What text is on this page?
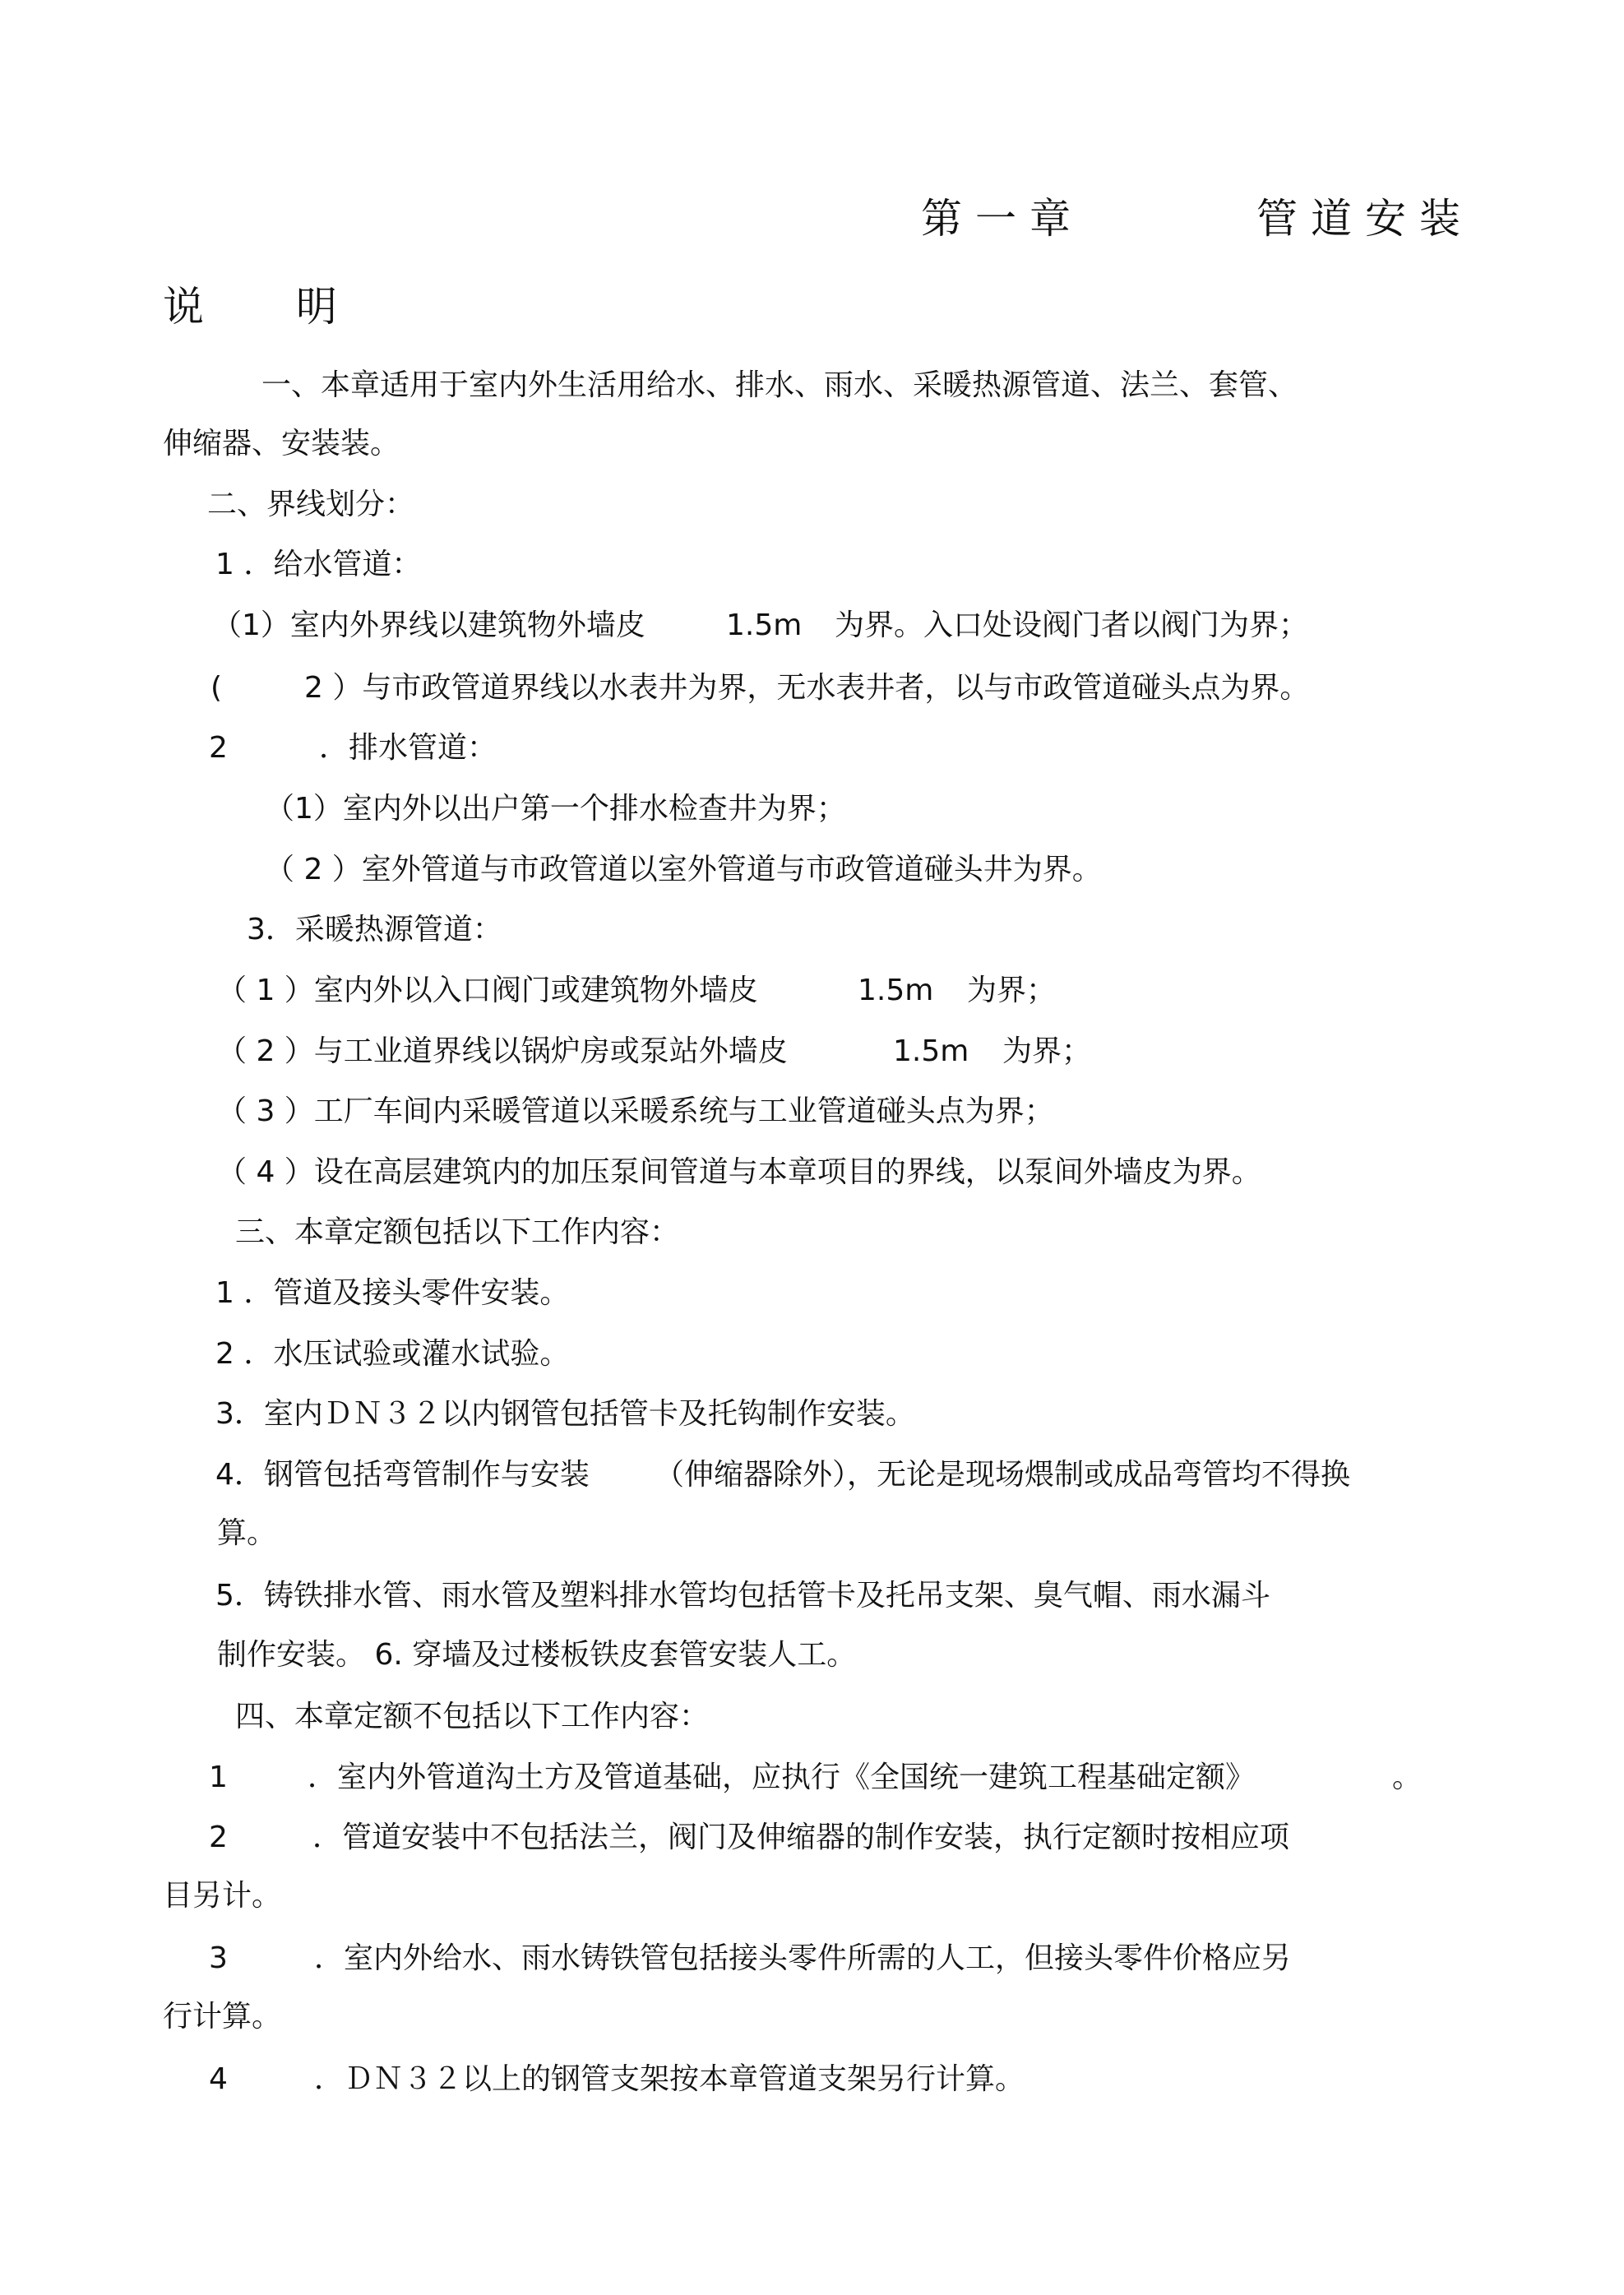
第一章	管道安装
说 明
一、本章适用于室内外生活用给水、排水、雨水、采暖热源管道、法兰、套管、
伸缩器、安装装。
二、界线划分：
1 ．给水管道：
（1）室内外界线以建筑物外墙皮	1.5m 为界。入口处设阀门者以阀门为界；
(	2 ）与市政管道界线以水表井为界，无水表井者，以与市政管道碰头点为界。
2	．排水管道：
（1）室内外以出户第一个排水检查井为界；
（ 2 ）室外管道与市政管道以室外管道与市政管道碰头井为界。
3．采暖热源管道：
（ 1 ）室内外以入口阀门或建筑物外墙皮	1.5m 为界；
（ 2 ）与工业道界线以锅炉房或泵站外墙皮	1.5m 为界；
（ 3 ）工厂车间内采暖管道以采暖系统与工业管道碰头点为界；
（ 4 ）设在高层建筑内的加压泵间管道与本章项目的界线，以泵间外墙皮为界。
三、本章定额包括以下工作内容：
1 ．管道及接头零件安装。
2 ．水压试验或灌水试验。
3．室内ＤＮ３２以内钢管包括管卡及托钩制作安装。
4．钢管包括弯管制作与安装 （伸缩器除外），无论是现场煨制或成品弯管均不得换
算。
5．铸铁排水管、雨水管及塑料排水管均包括管卡及托吊支架、臭气帽、雨水漏斗
制作安装。 6. 穿墙及过楼板铁皮套管安装人工。
四、本章定额不包括以下工作内容：
1	．室内外管道沟土方及管道基础，应执行《全国统一建筑工程基础定额》	。
2	．管道安装中不包括法兰，阀门及伸缩器的制作安装，执行定额时按相应项
目另计。
3	．室内外给水、雨水铸铁管包括接头零件所需的人工，但接头零件价格应另
行计算。
4	．ＤＮ３２以上的钢管支架按本章管道支架另行计算。
